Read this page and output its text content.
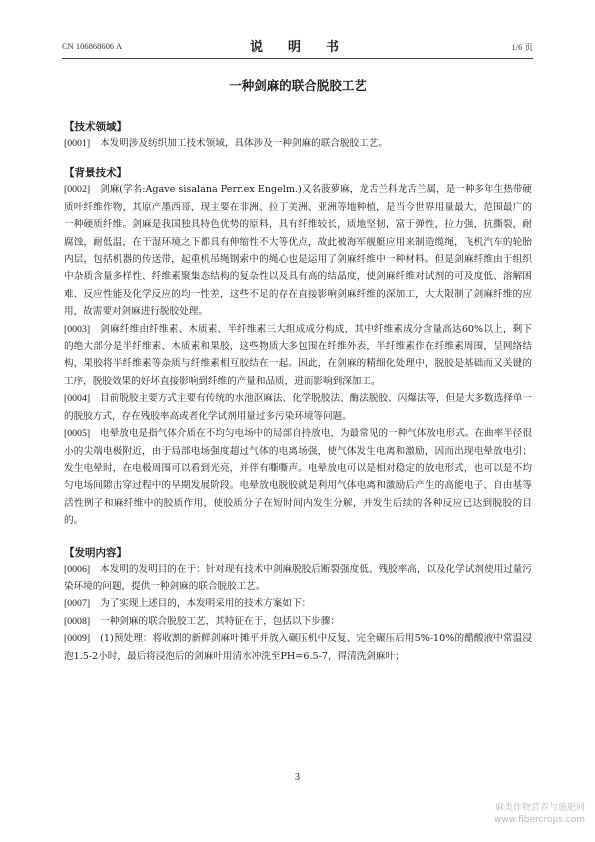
CN 106868606 A	说　明　书	1/6 页
一种剑麻的联合脱胶工艺

【技术领域】

[0001] 本发明涉及纺织加工技术领域，具体涉及一种剑麻的联合脱胶工艺。

【背景技术】

[0002] 剑麻(学名:Agave sisalana Perr.ex Engelm.)又名菠萝麻，龙舌兰科龙舌兰属，是一种多年生热带硬质叶纤维作物，其原产墨西哥，现主要在非洲、拉丁美洲、亚洲等地种植，是当今世界用量最大，范围最广的一种硬质纤维。剑麻是我国独具特色优势的原料，具有纤维较长，质地坚韧，富于弹性，拉力强，抗撕裂，耐腐蚀，耐低温，在干湿环境之下都具有伸缩性不大等优点，故此被海军舰艇应用来制造缆绳，飞机汽车的轮胎内层，包括机器的传送带，起重机吊绳钢索中的绳心也是运用了剑麻纤维中一种材料。但是剑麻纤维由于组织中杂质含量多样性、纤维素聚集态结构的复杂性以及具有高的结晶度，使剑麻纤维对试剂的可及度低、溶解困难、反应性能及化学反应的均一性差，这些不足的存在直接影响剑麻纤维的深加工，大大限制了剑麻纤维的应用，故需要对剑麻进行脱胶处理。

[0003] 剑麻纤维由纤维素、木质素、半纤维素三大组成成分构成，其中纤维素成分含量高达60%以上，剩下的绝大部分是半纤维素、木质素和果胶，这些物质大多包围在纤维外表，半纤维素作在纤维素周围，呈网络结构，果胶将半纤维素等杂质与纤维素相互胶结在一起。因此，在剑麻的精细化处理中，脱胶是基础而又关键的工序，脱胶效果的好坏直接影响到纤维的产量和品质，进而影响到深加工。

[0004] 目前脱胶主要方式主要有传统的水池沤麻法、化学脱胶法、酶法脱胶、闪爆法等，但是大多数选择单一的脱胶方式，存在残胶率高或者化学试剂用量过多污染环境等问题。

[0005] 电晕放电是指气体介质在不均匀电场中的局部自持放电，为最常见的一种气体放电形式。在曲率半径很小的尖端电极附近，由于局部电场强度超过气体的电离场强，使气体发生电离和激励，因而出现电晕放电引；发生电晕时，在电极周围可以看到光亮，并伴有嘶嘶声。电晕放电可以是相对稳定的放电形式，也可以是不均匀电场间隙击穿过程中的早期发展阶段。电晕放电脱胶就是利用气体电离和激励后产生的高能电子、自由基等活性例子和麻纤维中的胶质作用，使胶质分子在短时间内发生分解，并发生后续的各种反应已达到脱胶的目的。

【发明内容】

[0006] 本发明的发明目的在于：针对现有技术中剑麻脱胶后断裂强度低、残胶率高，以及化学试剂使用过量污染环境的问题，提供一种剑麻的联合脱胶工艺。

[0007] 为了实现上述目的，本发明采用的技术方案如下：

[0008] 一种剑麻的联合脱胶工艺，其特征在于，包括以下步骤：

[0009] (1)预处理：将收割的新鲜剑麻叶摊平并放入碾压机中反复、完全碾压后用5%-10%的醋酸液中常温浸泡1.5-2小时，最后将浸泡后的剑麻叶用清水冲洗至PH=6.5-7，得清洗剑麻叶；

3
麻类作物营养与施肥网
www.fibercrops.com
